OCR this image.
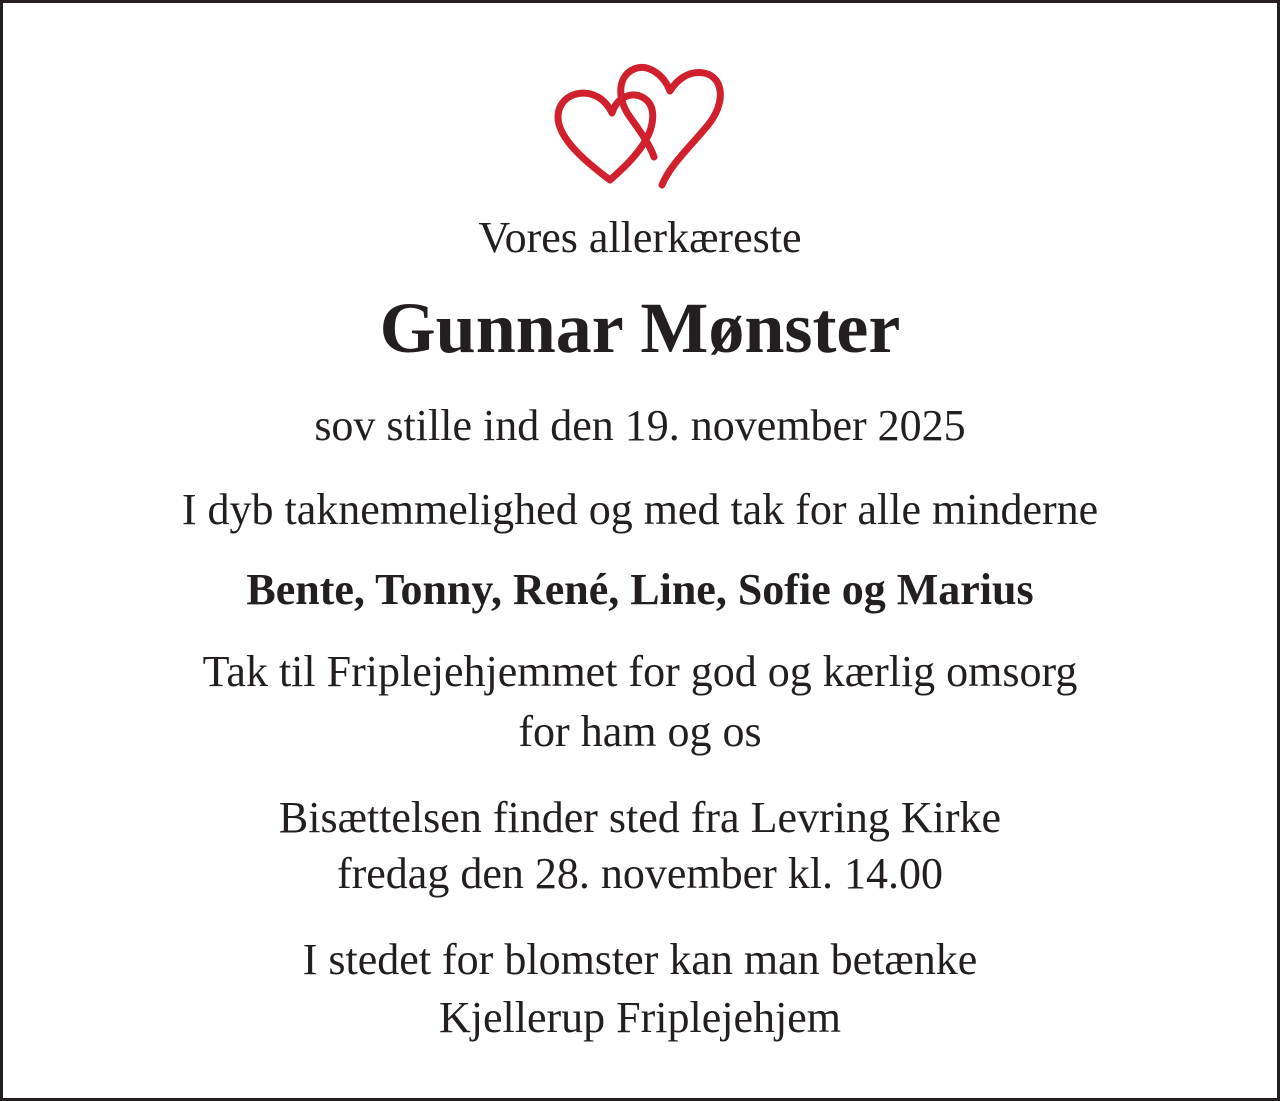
Vores allerkæreste
Gunnar Mønster
sov stille ind den 19. november 2025
I dyb taknemmelighed og med tak for alle minderne
Bente, Tonny, René, Line, Sofie og Marius
Tak til Friplejehjemmet for god og kærlig omsorg
for ham og os
Bisættelsen finder sted fra Levring Kirke
fredag den 28. november kl. 14.00
I stedet for blomster kan man betænke
Kjellerup Friplejehjem
